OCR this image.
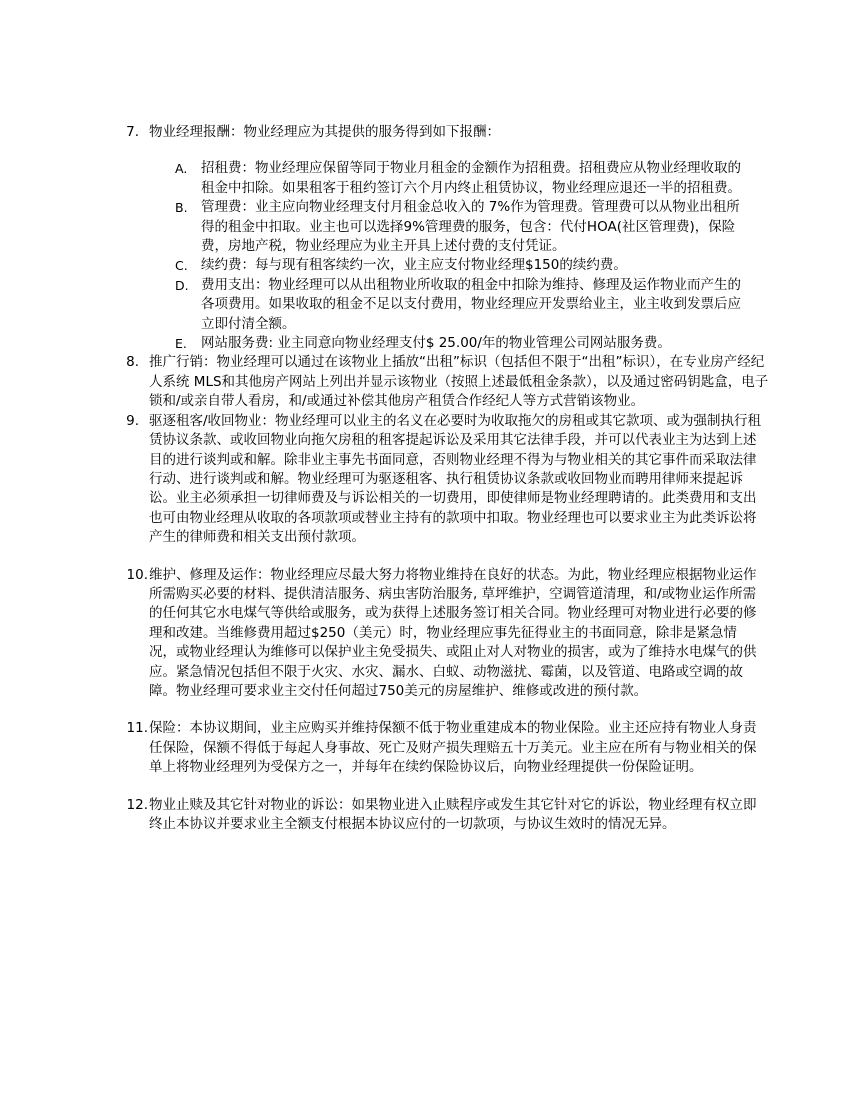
7. 物业经理报酬：物业经理应为其提供的服务得到如下报酬：

A.	招租费：物业经理应保留等同于物业月租金的金额作为招租费。招租费应从物业经理收取的租金中扣除。如果租客于租约签订六个月内终止租赁协议，物业经理应退还一半的招租费。

B. 管理费：业主应向物业经理支付月租金总收入的 7%作为管理费。管理费可以从物业出租所得的租金中扣取。业主也可以选择9%管理费的服务，包含：代付HOA(社区管理费)，保险费，房地产税，物业经理应为业主开具上述付费的支付凭证。

C. 续约费：每与现有租客续约一次，业主应支付物业经理$150的续约费。

D. 费用支出：物业经理可以从出租物业所收取的租金中扣除为维持、修理及运作物业而产生的各项费用。如果收取的租金不足以支付费用，物业经理应开发票给业主，业主收到发票后应立即付清全额。

E.	网站服务费: 业主同意向物业经理支付$ 25.00/年的物业管理公司网站服务费。

8. 推广行销：物业经理可以通过在该物业上插放“出租”标识（包括但不限于“出租”标识），在专业房产经纪人系统 MLS和其他房产网站上列出并显示该物业（按照上述最低租金条款），以及通过密码钥匙盒，电子锁和/或亲自带人看房，和/或通过补偿其他房产租赁合作经纪人等方式营销该物业。

9. 驱逐租客/收回物业：物业经理可以业主的名义在必要时为收取拖欠的房租或其它款项、或为强制执行租赁协议条款、或收回物业向拖欠房租的租客提起诉讼及采用其它法律手段，并可以代表业主为达到上述目的进行谈判或和解。除非业主事先书面同意，否则物业经理不得为与物业相关的其它事件而采取法律行动、进行谈判或和解。物业经理可为驱逐租客、执行租赁协议条款或收回物业而聘用律师来提起诉讼。业主必须承担一切律师费及与诉讼相关的一切费用，即使律师是物业经理聘请的。此类费用和支出也可由物业经理从收取的各项款项或替业主持有的款项中扣取。物业经理也可以要求业主为此类诉讼将产生的律师费和相关支出预付款项。

10. 维护、修理及运作：物业经理应尽最大努力将物业维持在良好的状态。为此，物业经理应根据物业运作所需购买必要的材料、提供清洁服务、病虫害防治服务, 草坪维护，空调管道清理，和/或物业运作所需的任何其它水电煤气等供给或服务，或为获得上述服务签订相关合同。物业经理可对物业进行必要的修理和改建。当维修费用超过$250（美元）时，物业经理应事先征得业主的书面同意，除非是紧急情况，或物业经理认为维修可以保护业主免受损失、或阻止对人对物业的损害，或为了维持水电煤气的供应。紧急情况包括但不限于火灾、水灾、漏水、白蚁、动物滋扰、霉菌，以及管道、电路或空调的故障。物业经理可要求业主交付任何超过750美元的房屋维护、维修或改进的预付款。

11. 保险：本协议期间，业主应购买并维持保额不低于物业重建成本的物业保险。业主还应持有物业人身责任保险，保额不得低于每起人身事故、死亡及财产损失理赔五十万美元。业主应在所有与物业相关的保单上将物业经理列为受保方之一，并每年在续约保险协议后，向物业经理提供一份保险证明。

12. 物业止赎及其它针对物业的诉讼：如果物业进入止赎程序或发生其它针对它的诉讼，物业经理有权立即终止本协议并要求业主全额支付根据本协议应付的一切款项，与协议生效时的情况无异。
